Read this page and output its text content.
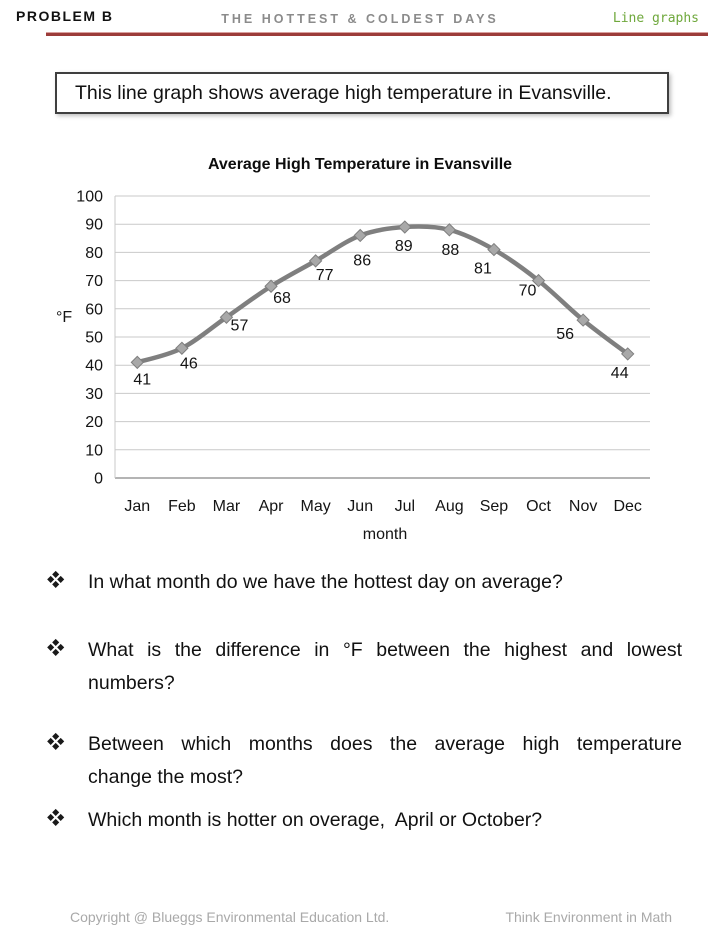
PROBLEM B	THE HOTTEST & COLDEST DAYS	Line graphs
This line graph shows average high temperature in Evansville.
Average High Temperature in Evansville
0
10
20
30
40
50
60
70
80
90
100
41
46
57
68
77
86
89 88
81
70
56
44
Jan Feb Mar Apr May Jun Jul Aug Sep Oct Nov Dec
month
°F
In what month do we have the hottest day on average?
What is the difference in °F between the highest and lowest
numbers?
Between which months does the average high temperature
change the most?
Which month is hotter on overage,  April or October?
Copyright @ Blueggs Environmental Education Ltd.	Think Environment in Math
